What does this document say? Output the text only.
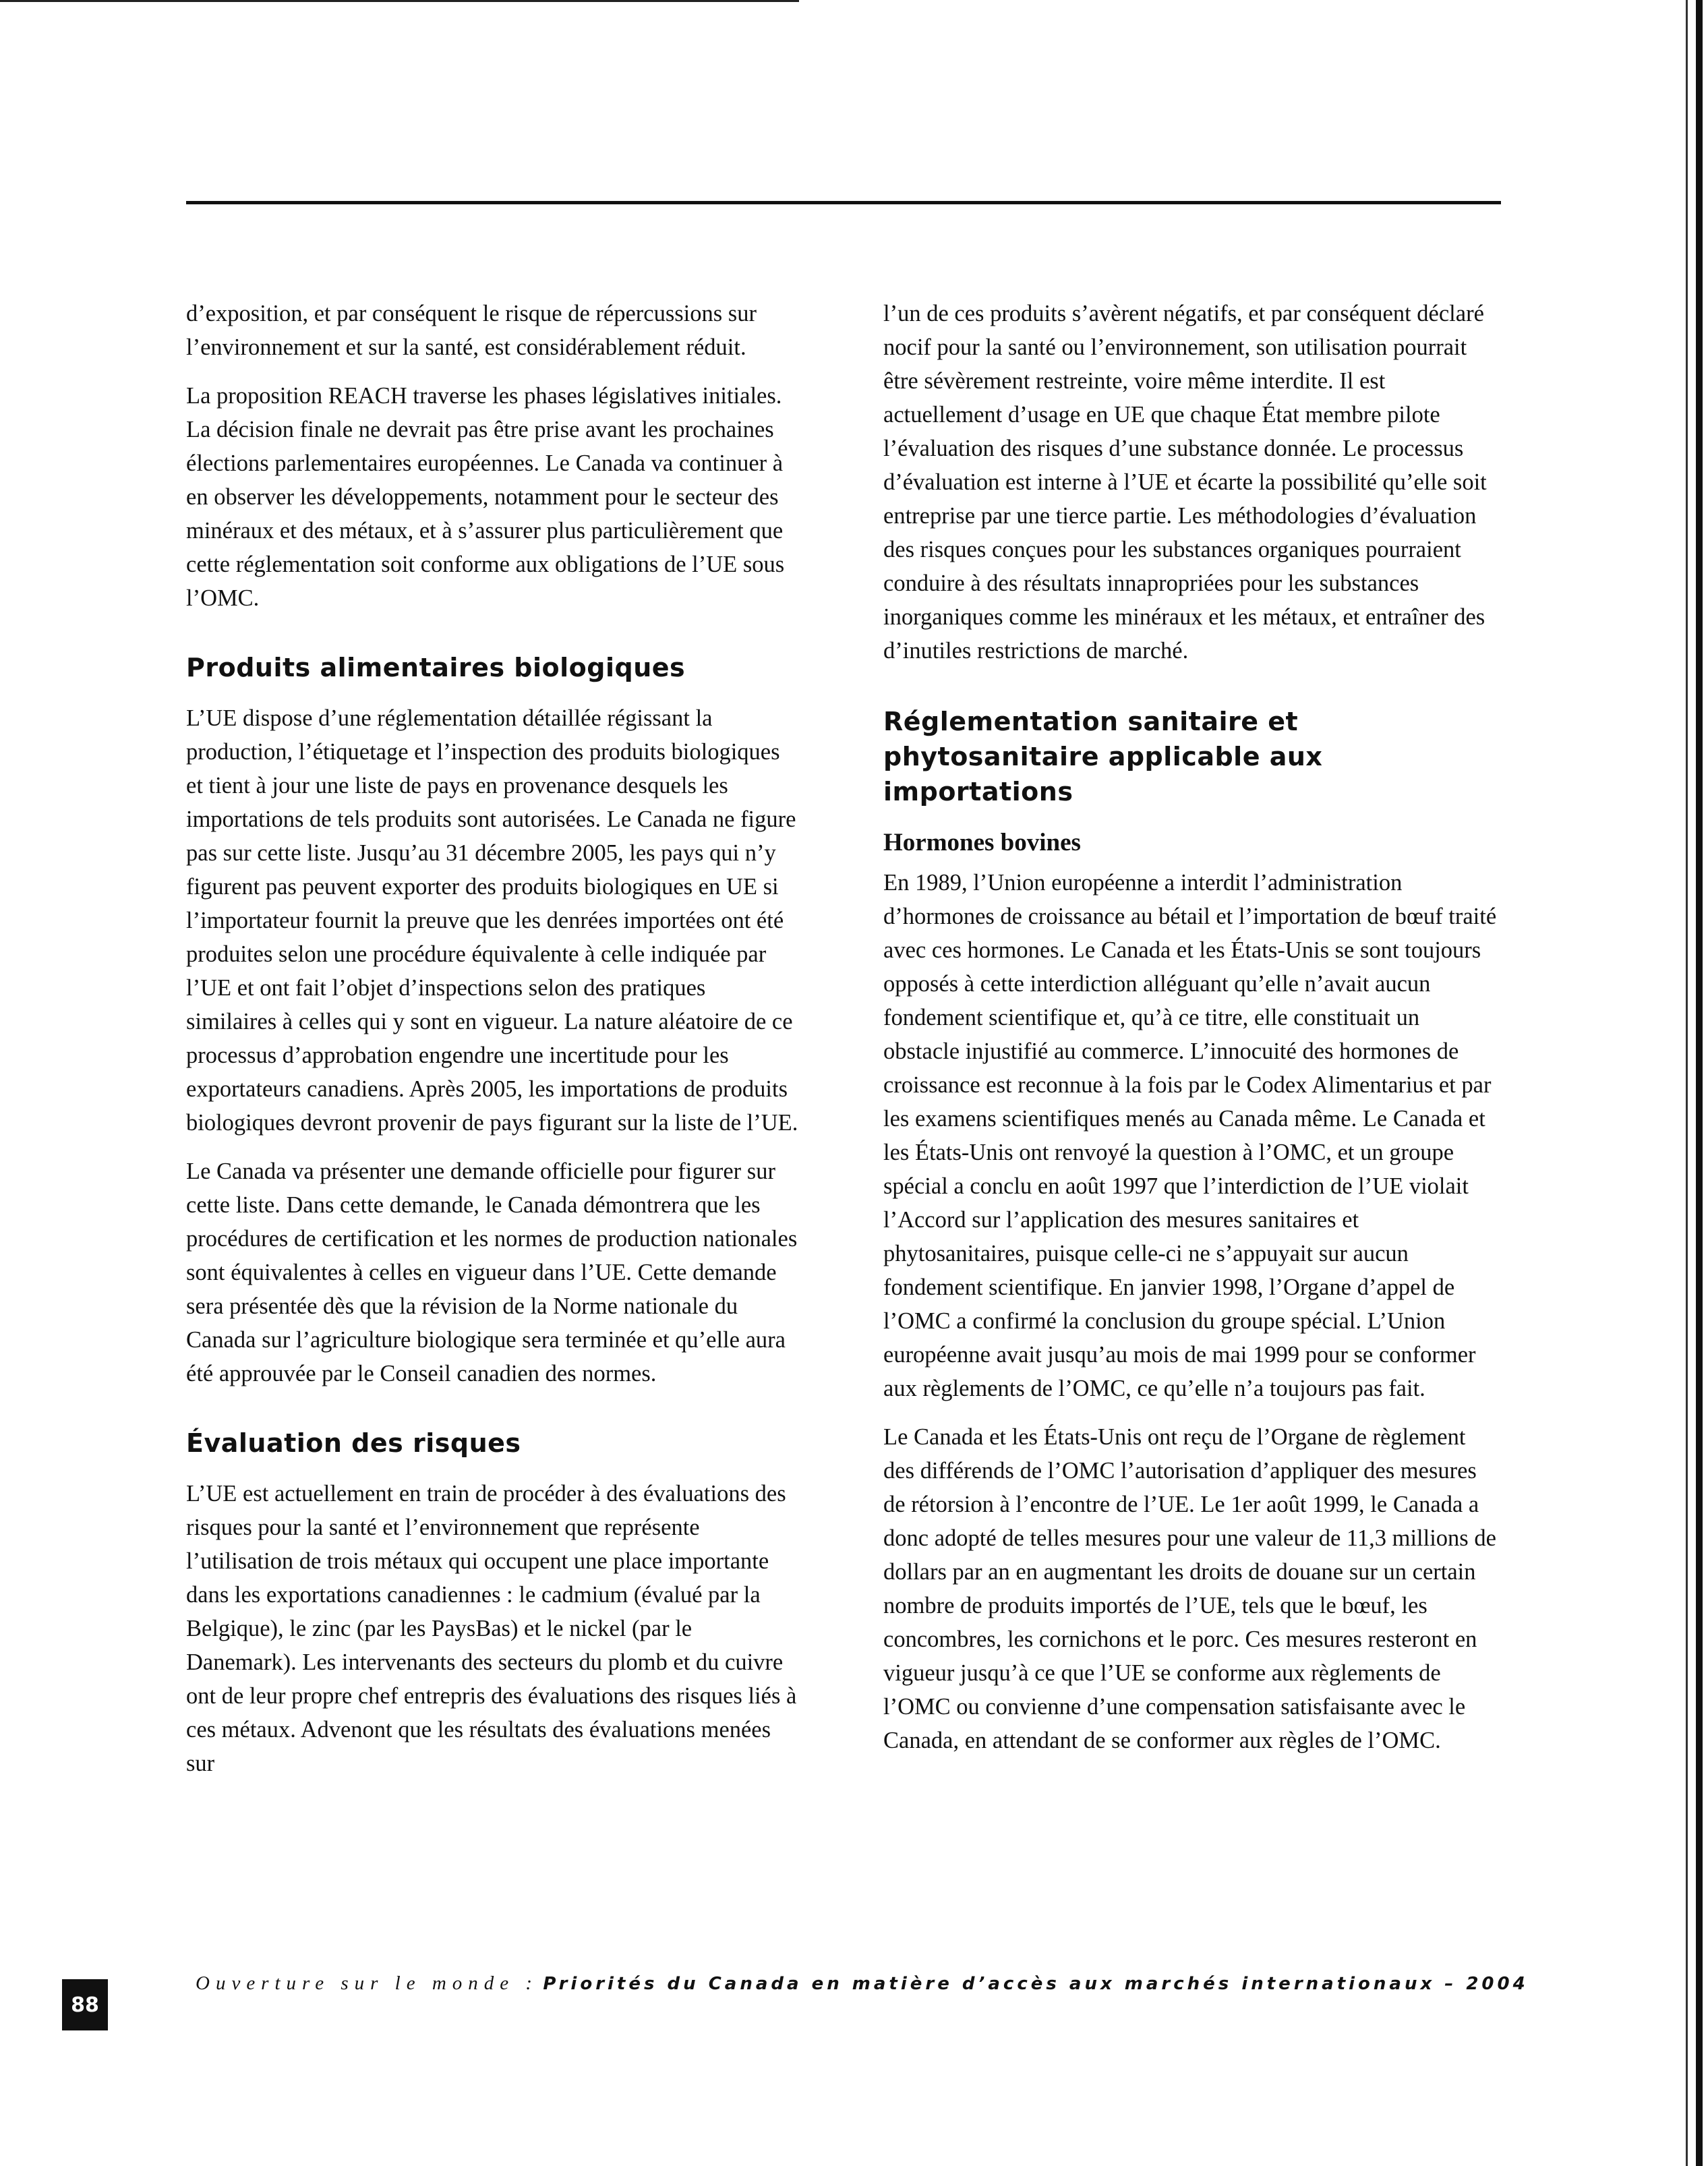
d’exposition, et par conséquent le risque de répercussions sur l’environnement et sur la santé, est considérablement réduit.

La proposition REACH traverse les phases législatives initiales. La décision finale ne devrait pas être prise avant les prochaines élections parlementaires européennes. Le Canada va continuer à en observer les développements, notamment pour le secteur des minéraux et des métaux, et à s’assurer plus particulièrement que cette réglementation soit conforme aux obligations de l’UE sous l’OMC.

Produits alimentaires biologiques

L’UE dispose d’une réglementation détaillée régissant la production, l’étiquetage et l’inspection des produits biologiques et tient à jour une liste de pays en provenance desquels les importations de tels produits sont autorisées. Le Canada ne figure pas sur cette liste. Jusqu’au 31 décembre 2005, les pays qui n’y figurent pas peuvent exporter des produits biologiques en UE si l’importateur fournit la preuve que les denrées importées ont été produites selon une procédure équivalente à celle indiquée par l’UE et ont fait l’objet d’inspections selon des pratiques similaires à celles qui y sont en vigueur. La nature aléatoire de ce processus d’approbation engendre une incertitude pour les exportateurs canadiens. Après 2005, les importations de produits biologiques devront provenir de pays figurant sur la liste de l’UE.

Le Canada va présenter une demande officielle pour figurer sur cette liste. Dans cette demande, le Canada démontrera que les procédures de certification et les normes de production nationales sont équivalentes à celles en vigueur dans l’UE. Cette demande sera présentée dès que la révision de la Norme nationale du Canada sur l’agriculture biologique sera terminée et qu’elle aura été approuvée par le Conseil canadien des normes.

Évaluation des risques

L’UE est actuellement en train de procéder à des évaluations des risques pour la santé et l’environnement que représente l’utilisation de trois métaux qui occupent une place importante dans les exportations canadiennes : le cadmium (évalué par la Belgique), le zinc (par les PaysBas) et le nickel (par le Danemark). Les intervenants des secteurs du plomb et du cuivre ont de leur propre chef entrepris des évaluations des risques liés à ces métaux. Advenont que les résultats des évaluations menées sur

l’un de ces produits s’avèrent négatifs, et par conséquent déclaré nocif pour la santé ou l’environnement, son utilisation pourrait être sévèrement restreinte, voire même interdite. Il est actuellement d’usage en UE que chaque État membre pilote l’évaluation des risques d’une substance donnée. Le processus d’évaluation est interne à l’UE et écarte la possibilité qu’elle soit entreprise par une tierce partie. Les méthodologies d’évaluation des risques conçues pour les substances organiques pourraient conduire à des résultats innapropriées pour les substances inorganiques comme les minéraux et les métaux, et entraîner des d’inutiles restrictions de marché.

Réglementation sanitaire et phytosanitaire applicable aux importations
Hormones bovines

En 1989, l’Union européenne a interdit l’administration d’hormones de croissance au bétail et l’importation de bœuf traité avec ces hormones. Le Canada et les États-Unis se sont toujours opposés à cette interdiction alléguant qu’elle n’avait aucun fondement scientifique et, qu’à ce titre, elle constituait un obstacle injustifié au commerce. L’innocuité des hormones de croissance est reconnue à la fois par le Codex Alimentarius et par les examens scientifiques menés au Canada même. Le Canada et les États-Unis ont renvoyé la question à l’OMC, et un groupe spécial a conclu en août 1997 que l’interdiction de l’UE violait l’Accord sur l’application des mesures sanitaires et phytosanitaires, puisque celle-ci ne s’appuyait sur aucun fondement scientifique. En janvier 1998, l’Organe d’appel de l’OMC a confirmé la conclusion du groupe spécial. L’Union européenne avait jusqu’au mois de mai 1999 pour se conformer aux règlements de l’OMC, ce qu’elle n’a toujours pas fait.

Le Canada et les États-Unis ont reçu de l’Organe de règlement des différends de l’OMC l’autorisation d’appliquer des mesures de rétorsion à l’encontre de l’UE. Le 1er août 1999, le Canada a donc adopté de telles mesures pour une valeur de 11,3 millions de dollars par an en augmentant les droits de douane sur un certain nombre de produits importés de l’UE, tels que le bœuf, les concombres, les cornichons et le porc. Ces mesures resteront en vigueur jusqu’à ce que l’UE se conforme aux règlements de l’OMC ou convienne d’une compensation satisfaisante avec le Canada, en attendant de se conformer aux règles de l’OMC.

88
Ouverture sur le monde : Priorités du Canada en matière d’accès aux marchés internationaux – 2004
